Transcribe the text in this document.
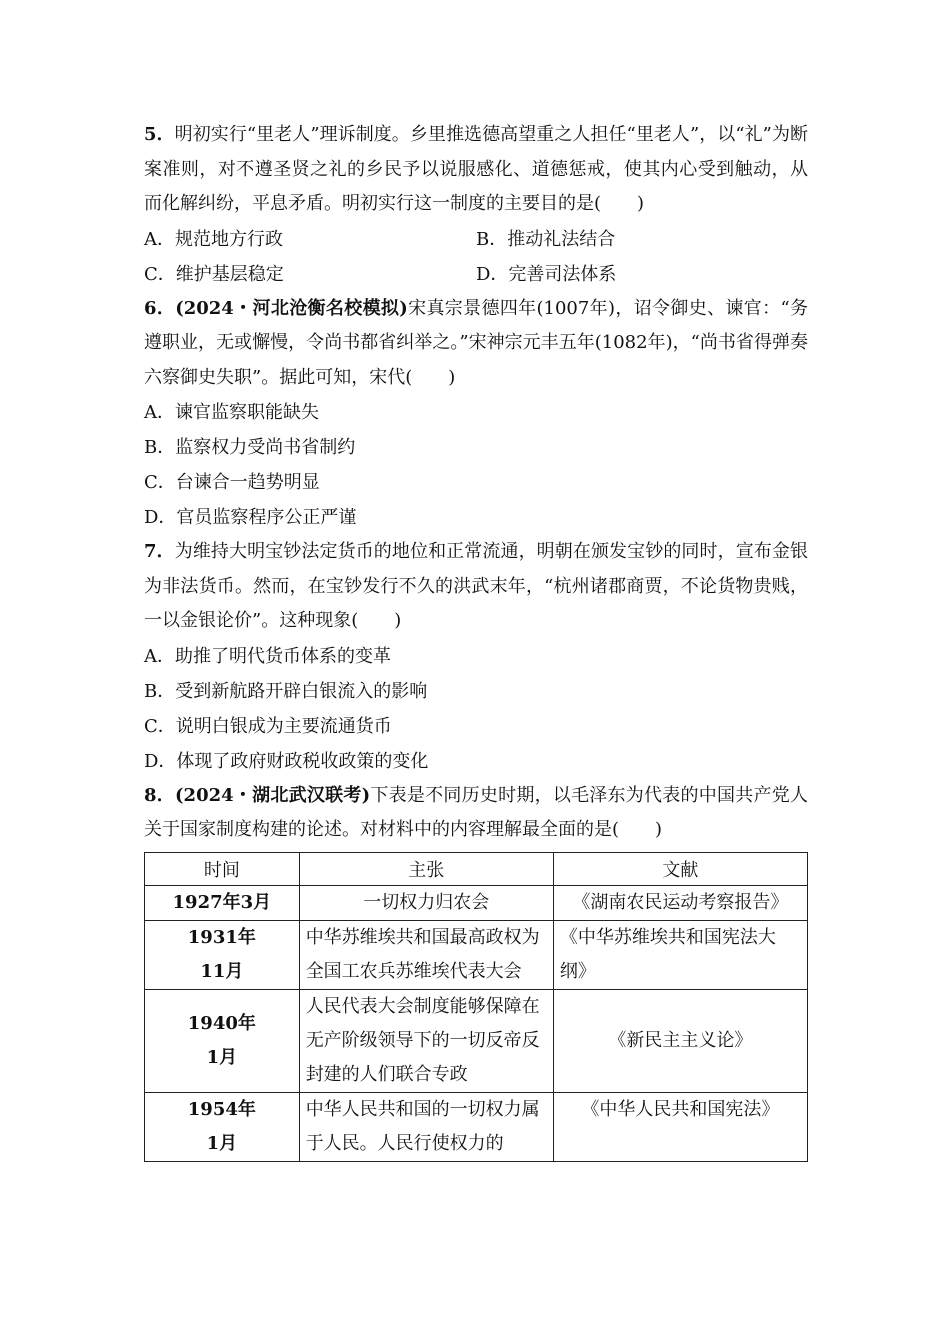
5．明初实行“里老人”理诉制度。乡里推选德高望重之人担任“里老人”，以“礼”为断案准则，对不遵圣贤之礼的乡民予以说服感化、道德惩戒，使其内心受到触动，从而化解纠纷，平息矛盾。明初实行这一制度的主要目的是(　　)

A．规范地方行政	B．推动礼法结合
C．维护基层稳定	D．完善司法体系

6．(2024・河北沧衡名校模拟)宋真宗景德四年(1007年)，诏令御史、谏官：“务遵职业，无或懈慢，令尚书都省纠举之。”宋神宗元丰五年(1082年)，“尚书省得弹奏六察御史失职”。据此可知，宋代(　　)

A．谏官监察职能缺失

B．监察权力受尚书省制约

C．台谏合一趋势明显

D．官员监察程序公正严谨

7．为维持大明宝钞法定货币的地位和正常流通，明朝在颁发宝钞的同时，宣布金银为非法货币。然而，在宝钞发行不久的洪武末年，“杭州诸郡商贾，不论货物贵贱，一以金银论价”。这种现象(　　)

A．助推了明代货币体系的变革

B．受到新航路开辟白银流入的影响

C．说明白银成为主要流通货币

D．体现了政府财政税收政策的变化

8．(2024・湖北武汉联考)下表是不同历史时期，以毛泽东为代表的中国共产党人关于国家制度构建的论述。对材料中的内容理解最全面的是(　　)

时间	主张	文献
1927年3月	一切权力归农会	《湖南农民运动考察报告》

1931年
11月	中华苏维埃共和国最高政权为全国工农兵苏维埃代表大会	《中华苏维埃共和国宪法大纲》

1940年
1月	人民代表大会制度能够保障在无产阶级领导下的一切反帝反封建的人们联合专政	《新民主主义论》

1954年
1月	中华人民共和国的一切权力属于人民。人民行使权力的	《中华人民共和国宪法》
